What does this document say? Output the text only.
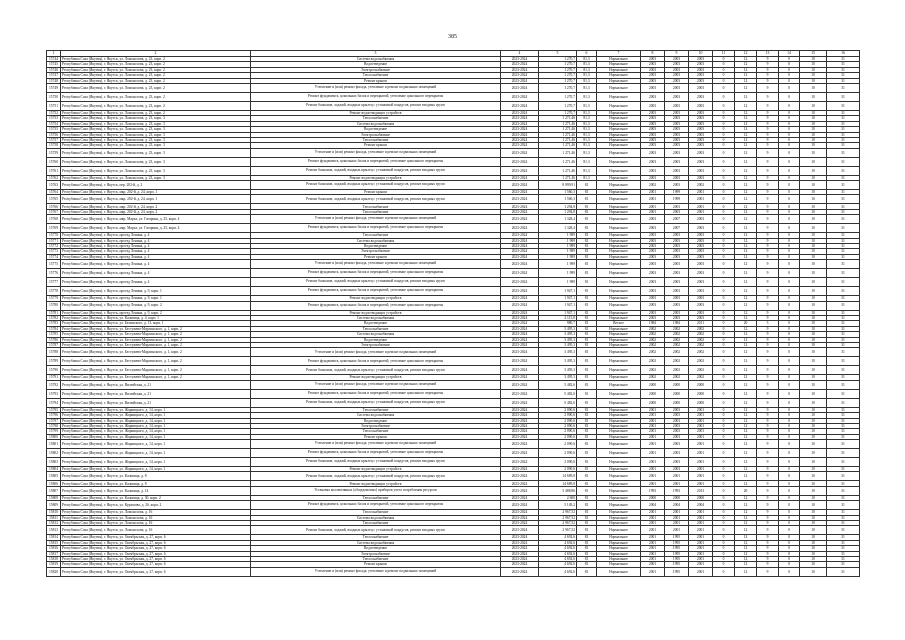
385
1	2	3	4	5	6	7	8	9	10	11	12	13	14	15	16
15744	Республика Саха (Якутия), г. Якутск, ул. Ломоносова, д. 23, корп. 2	Система водоснабжения	2023-2024	1 270,7	81,3	Нормальное	2003	2003	2003	0	12	9	0	10	31
15745	Республика Саха (Якутия), г. Якутск, ул. Ломоносова, д. 23, корп. 2	Водоотведение	2023-2024	1 270,7	81,3	Нормальное	2003	2003	2003	0	12	9	0	10	31
15746	Республика Саха (Якутия), г. Якутск, ул. Ломоносова, д. 23, корп. 2	Электроснабжение	2023-2024	1 270,7	81,3	Нормальное	2003	2003	2003	0	12	9	0	10	31
15747	Республика Саха (Якутия), г. Якутск, ул. Ломоносова, д. 23, корп. 2	Теплоснабжение	2023-2024	1 270,7	81,3	Нормальное	2003	2003	2003	0	12	9	0	10	31
15748	Республика Саха (Якутия), г. Якутск, ул. Ломоносова, д. 23, корп. 2	Ремонт крыши	2023-2024	1 270,7	81,3	Нормальное	2003	2003	2003	0	12	9	0	10	31
15749	Республика Саха (Якутия), г. Якутск, ул. Ломоносова, д. 23, корп. 2	Утепление и (или) ремонт фасада, утепление и ремонт подвальных помещений	2023-2024	1 270,7	81,3	Нормальное	2003	2003	2003	0	12	9	0	10	31
15750	Республика Саха (Якутия), г. Якутск, ул. Ломоносова, д. 23, корп. 2	Ремонт фундамента, цокольных балок и перекрытий, утепление цокольного перекрытия	2023-2024	1 270,7	81,3	Нормальное	2003	2003	2003	0	12	9	0	10	31
15751	Республика Саха (Якутия), г. Якутск, ул. Ломоносова, д. 23, корп. 2	Ремонт балконов, лоджий, входных крылец с установкой пандусов, ремонт входных групп	2023-2024	1 270,7	81,3	Нормальное	2003	2003	2003	0	12	9	0	10	31
15752	Республика Саха (Якутия), г. Якутск, ул. Ломоносова, д. 23, корп. 2	Ремонт водоотводящих устройств	2023-2024	1 270,7	81,3	Нормальное	2003	2003	2003	0	12	9	0	10	31
15753	Республика Саха (Якутия), г. Якутск, ул. Ломоносова, д. 23, корп. 3	Теплоснабжение	2023-2024	1 271,46	81,3	Нормальное	2003	2003	2003	0	12	9	0	10	31
15754	Республика Саха (Якутия), г. Якутск, ул. Ломоносова, д. 23, корп. 3	Система водоснабжения	2023-2024	1 271,46	81,3	Нормальное	2003	2003	2003	0	12	9	0	10	31
15755	Республика Саха (Якутия), г. Якутск, ул. Ломоносова, д. 23, корп. 3	Водоотведение	2023-2024	1 271,46	81,3	Нормальное	2003	2003	2003	0	12	9	0	10	31
15756	Республика Саха (Якутия), г. Якутск, ул. Ломоносова, д. 23, корп. 3	Электроснабжение	2023-2024	1 271,46	81,3	Нормальное	2003	2003	2003	0	12	9	0	10	31
15757	Республика Саха (Якутия), г. Якутск, ул. Ломоносова, д. 23, корп. 3	Теплоснабжение	2023-2024	1 271,46	81,3	Нормальное	2003	2003	2003	0	12	9	0	10	31
15758	Республика Саха (Якутия), г. Якутск, ул. Ломоносова, д. 23, корп. 3	Ремонт крыши	2023-2024	1 271,46	81,3	Нормальное	2003	2003	2003	0	12	9	0	10	31
15759	Республика Саха (Якутия), г. Якутск, ул. Ломоносова, д. 23, корп. 3	Утепление и (или) ремонт фасада, утепление и ремонт подвальных помещений	2023-2024	1 271,46	81,3	Нормальное	2003	2003	2003	0	12	9	0	10	31
15760	Республика Саха (Якутия), г. Якутск, ул. Ломоносова, д. 23, корп. 3	Ремонт фундамента, цокольных балок и перекрытий, утепление цокольного перекрытия	2023-2024	1 271,46	81,3	Нормальное	2003	2003	2003	0	12	9	0	10	31
15761	Республика Саха (Якутия), г. Якутск, ул. Ломоносова, д. 23, корп. 3	Ремонт балконов, лоджий, входных крылец с установкой пандусов, ремонт входных групп	2023-2024	1 271,46	81,3	Нормальное	2003	2003	2003	0	12	9	0	10	31
15762	Республика Саха (Якутия), г. Якутск, ул. Ломоносова, д. 23, корп. 3	Ремонт водоотводящих устройств	2023-2024	1 271,46	81,3	Нормальное	2003	2003	2003	0	12	9	0	10	31
15763	Республика Саха (Якутия), г. Якутск, пер. 202-й, д. 2	Ремонт балконов, лоджий, входных крылец с установкой пандусов, ремонт входных групп	2023-2024	8 999,91	81	Нормальное	2002	2003	2002	0	12	9	0	10	31
15764	Республика Саха (Якутия), г. Якутск, мкр. 202-й, д. 24, корп. 1	Ремонт крыши	2023-2024	1 560,3	81	Нормальное	2001	1999	2001	0	12	9	0	10	31
15765	Республика Саха (Якутия), г. Якутск, мкр. 202-й, д. 24, корп. 1	Ремонт балконов, лоджий, входных крылец с установкой пандусов, ремонт входных групп	2023-2024	1 560,3	81	Нормальное	2001	1999	2001	0	12	9	0	10	31
15766	Республика Саха (Якутия), г. Якутск, мкр. 202-й, д. 24, корп. 2	Теплоснабжение	2023-2024	1 294,8	81	Нормальное	2001	2003	2001	0	12	9	0	10	31
15767	Республика Саха (Якутия), г. Якутск, мкр. 202-й, д. 24, корп. 2	Теплоснабжение	2023-2024	1 294,8	81	Нормальное	2001	2003	2001	0	12	9	0	10	31
15768	Республика Саха (Якутия), г. Якутск, мкр. Марха, ул. Гагарина, д. 25, корп. 4	Утепление и (или) ремонт фасада, утепление и ремонт подвальных помещений	2023-2024	1 328,4	81	Нормальное	2003	2007	2003	0	12	9	0	10	31
15769	Республика Саха (Якутия), г. Якутск, мкр. Марха, ул. Гагарина, д. 25, корп. 4	Ремонт фундамента, цокольных балок и перекрытий, утепление цокольного перекрытия	2023-2024	1 328,4	81	Нормальное	2003	2007	2003	0	12	9	0	10	31
15770	Республика Саха (Якутия), г. Якутск, проезд Ленина, д. 4	Теплоснабжение	2023-2024	1 989	81	Нормальное	2003	2003	2003	0	12	9	0	10	31
15771	Республика Саха (Якутия), г. Якутск, проезд Ленина, д. 4	Система водоснабжения	2023-2024	1 989	81	Нормальное	2003	2003	2003	0	12	9	0	10	31
15772	Республика Саха (Якутия), г. Якутск, проезд Ленина, д. 4	Водоотведение	2023-2024	1 989	81	Нормальное	2003	2003	2003	0	12	9	0	10	31
15773	Республика Саха (Якутия), г. Якутск, проезд Ленина, д. 4	Электроснабжение	2023-2024	1 989	81	Нормальное	2003	2003	2003	0	12	9	0	10	31
15774	Республика Саха (Якутия), г. Якутск, проезд Ленина, д. 4	Ремонт крыши	2023-2024	1 989	81	Нормальное	2003	2003	2003	0	12	9	0	10	31
15775	Республика Саха (Якутия), г. Якутск, проезд Ленина, д. 4	Утепление и (или) ремонт фасада, утепление и ремонт подвальных помещений	2023-2024	1 989	81	Нормальное	2003	2003	2003	0	12	9	0	10	31
15776	Республика Саха (Якутия), г. Якутск, проезд Ленина, д. 4	Ремонт фундамента, цокольных балок и перекрытий, утепление цокольного перекрытия	2023-2024	1 989	81	Нормальное	2003	2003	2003	0	12	9	0	10	31
15777	Республика Саха (Якутия), г. Якутск, проезд Ленина, д. 4	Ремонт балконов, лоджий, входных крылец с установкой пандусов, ремонт входных групп	2023-2024	1 989	81	Нормальное	2003	2003	2003	0	12	9	0	10	31
15778	Республика Саха (Якутия), г. Якутск, проезд Ленина, д. 9, корп. 1	Ремонт фундамента, цокольных балок и перекрытий, утепление цокольного перекрытия	2023-2024	1 947,1	81	Нормальное	2003	2003	2003	0	12	9	0	10	31
15779	Республика Саха (Якутия), г. Якутск, проезд Ленина, д. 9, корп. 1	Ремонт водоотводящих устройств	2023-2024	1 947,1	81	Нормальное	2003	2003	2003	0	12	9	0	10	31
15780	Республика Саха (Якутия), г. Якутск, проезд Ленина, д. 9, корп. 2	Ремонт фундамента, цокольных балок и перекрытий, утепление цокольного перекрытия	2023-2024	1 947,1	81	Нормальное	2003	2003	2003	0	12	9	0	10	31
15781	Республика Саха (Якутия), г. Якутск, проезд Ленина, д. 9, корп. 2	Ремонт водоотводящих устройств	2023-2024	1 947,1	81	Нормальное	2003	2003	2003	0	12	9	0	10	31
15782	Республика Саха (Якутия), г. Якутск, ул. Кальвица, д. 4, корп. 1	Система водоснабжения	2023-2024	2 115,8	81	Нормальное	2003	2003	2003	0	12	9	0	10	31
15783	Республика Саха (Якутия), г. Якутск, ул. Белинского, д. 13, корп. 1	Водоотведение	2023-2024	980,7	81	Ветхое	1984	1984	2011	0	20	3	0	10	31
15784	Республика Саха (Якутия), г. Якутск, ул. Бестужева-Марлинского, д. 1, корп. 2	Теплоснабжение	2023-2024	3 495,3	81	Нормальное	2002	2002	2002	0	12	9	0	10	31
15785	Республика Саха (Якутия), г. Якутск, ул. Бестужева-Марлинского, д. 1, корп. 2	Система водоснабжения	2023-2024	3 495,3	81	Нормальное	2002	2002	2002	0	12	9	0	10	31
15786	Республика Саха (Якутия), г. Якутск, ул. Бестужева-Марлинского, д. 1, корп. 2	Водоотведение	2023-2024	3 495,3	81	Нормальное	2002	2002	2002	0	12	9	0	10	31
15787	Республика Саха (Якутия), г. Якутск, ул. Бестужева-Марлинского, д. 1, корп. 2	Электроснабжение	2023-2024	3 495,3	81	Нормальное	2002	2002	2002	0	12	9	0	10	31
15788	Республика Саха (Якутия), г. Якутск, ул. Бестужева-Марлинского, д. 1, корп. 2	Утепление и (или) ремонт фасада, утепление и ремонт подвальных помещений	2023-2024	3 495,3	81	Нормальное	2002	2002	2002	0	12	9	0	10	31
15789	Республика Саха (Якутия), г. Якутск, ул. Бестужева-Марлинского, д. 1, корп. 2	Ремонт фундамента, цокольных балок и перекрытий, утепление цокольного перекрытия	2023-2024	3 495,3	81	Нормальное	2002	2002	2002	0	12	9	0	10	31
15790	Республика Саха (Якутия), г. Якутск, ул. Бестужева-Марлинского, д. 1, корп. 2	Ремонт балконов, лоджий, входных крылец с установкой пандусов, ремонт входных групп	2023-2024	3 495,3	81	Нормальное	2002	2002	2002	0	12	9	0	10	31
15791	Республика Саха (Якутия), г. Якутск, ул. Бестужева-Марлинского, д. 1, корп. 2	Ремонт водоотводящих устройств	2023-2024	3 495,3	81	Нормальное	2002	2002	2002	0	12	9	0	10	31
15792	Республика Саха (Якутия), г. Якутск, ул. Вилюйская, д. 21	Утепление и (или) ремонт фасада, утепление и ремонт подвальных помещений	2023-2024	5 482,6	81	Нормальное	2000	2000	2000	0	12	9	0	10	31
15793	Республика Саха (Якутия), г. Якутск, ул. Вилюйская, д. 21	Ремонт фундамента, цокольных балок и перекрытий, утепление цокольного перекрытия	2023-2024	5 482,6	81	Нормальное	2000	2000	2000	0	12	9	0	10	31
15794	Республика Саха (Якутия), г. Якутск, ул. Вилюйская, д. 21	Ремонт балконов, лоджий, входных крылец с установкой пандусов, ремонт входных групп	2023-2024	5 482,6	81	Нормальное	2000	2000	2000	0	12	9	0	10	31
15795	Республика Саха (Якутия), г. Якутск, ул. Жорницкого, д. 14, корп. 1	Теплоснабжение	2023-2024	2 090,6	81	Нормальное	2001	2003	2001	0	12	9	0	10	31
15796	Республика Саха (Якутия), г. Якутск, ул. Жорницкого, д. 14, корп. 1	Система водоснабжения	2023-2024	2 090,6	81	Нормальное	2001	2003	2001	0	12	9	0	10	31
15797	Республика Саха (Якутия), г. Якутск, ул. Жорницкого, д. 14, корп. 1	Водоотведение	2023-2024	2 090,6	81	Нормальное	2001	2003	2001	0	12	9	0	10	31
15798	Республика Саха (Якутия), г. Якутск, ул. Жорницкого, д. 14, корп. 1	Электроснабжение	2023-2024	2 090,6	81	Нормальное	2001	2003	2001	0	12	9	0	10	31
15799	Республика Саха (Якутия), г. Якутск, ул. Жорницкого, д. 14, корп. 1	Теплоснабжение	2023-2024	2 090,6	81	Нормальное	2001	2003	2001	0	12	9	0	10	31
15800	Республика Саха (Якутия), г. Якутск, ул. Жорницкого, д. 14, корп. 1	Ремонт крыши	2023-2024	2 090,6	81	Нормальное	2001	2003	2001	0	12	9	0	10	31
15801	Республика Саха (Якутия), г. Якутск, ул. Жорницкого, д. 14, корп. 1	Утепление и (или) ремонт фасада, утепление и ремонт подвальных помещений	2023-2024	2 090,6	81	Нормальное	2001	2003	2001	0	12	9	0	10	31
15802	Республика Саха (Якутия), г. Якутск, ул. Жорницкого, д. 14, корп. 1	Ремонт фундамента, цокольных балок и перекрытий, утепление цокольного перекрытия	2023-2024	2 090,6	81	Нормальное	2001	2003	2001	0	12	9	0	10	31
15803	Республика Саха (Якутия), г. Якутск, ул. Жорницкого, д. 14, корп. 1	Ремонт балконов, лоджий, входных крылец с установкой пандусов, ремонт входных групп	2023-2024	2 090,6	81	Нормальное	2001	2003	2001	0	12	9	0	10	31
15804	Республика Саха (Якутия), г. Якутск, ул. Жорницкого, д. 14, корп. 1	Ремонт водоотводящих устройств	2023-2024	2 090,6	81	Нормальное	2001	2003	2001	0	12	9	0	10	31
15805	Республика Саха (Якутия), г. Якутск, ул. Кальвица, д. 8	Ремонт балконов, лоджий, входных крылец с установкой пандусов, ремонт входных групп	2023-2024	14 689,8	81	Нормальное	2001	2001	2001	0	12	9	0	10	31
15806	Республика Саха (Якутия), г. Якутск, ул. Кальвица, д. 8	Ремонт водоотводящих устройств	2023-2024	14 689,8	81	Нормальное	2001	2001	2001	0	12	9	0	10	31
15807	Республика Саха (Якутия), г. Якутск, ул. Кальвица, д. 14	Установка коллективных (общедомовых) приборов учета потребления ресурсов	2023-2024	5 488,86	81	Нормальное	1993	1993	2013	0	20	9	0	10	31
15808	Республика Саха (Якутия), г. Якутск, ул. Кальвица, д. 30, корп. 2	Теплоснабжение	2023-2024	2 600	81	Нормальное	2000	2000	2000	0	12	9	0	10	31
15809	Республика Саха (Якутия), г. Якутск, ул. Курашова, д. 26, корп. 2	Ремонт фундамента, цокольных балок и перекрытий, утепление цокольного перекрытия	2023-2024	5 149,2	81	Нормальное	2004	2004	2004	0	12	9	0	10	31
15810	Республика Саха (Якутия), г. Якутск, ул. Ломоносова, д. 16	Теплоснабжение	2023-2024	2 967,52	81	Нормальное	2001	2001	2001	0	12	9	0	10	31
15811	Республика Саха (Якутия), г. Якутск, ул. Ломоносова, д. 16	Система водоснабжения	2023-2024	2 967,52	81	Нормальное	2001	2001	2001	0	12	9	0	10	31
15812	Республика Саха (Якутия), г. Якутск, ул. Ломоносова, д. 16	Теплоснабжение	2023-2024	2 967,52	81	Нормальное	2001	2001	2001	0	12	9	0	10	31
15813	Республика Саха (Якутия), г. Якутск, ул. Ломоносова, д. 16	Ремонт балконов, лоджий, входных крылец с установкой пандусов, ремонт входных групп	2023-2024	2 967,52	81	Нормальное	2001	2001	2001	0	12	9	0	10	31
15814	Республика Саха (Якутия), г. Якутск, ул. Октябрьская, д. 27, корп. 6	Теплоснабжение	2023-2024	4 692,6	81	Нормальное	2001	1995	2001	0	12	9	0	10	31
15815	Республика Саха (Якутия), г. Якутск, ул. Октябрьская, д. 27, корп. 6	Система водоснабжения	2023-2024	4 692,6	81	Нормальное	2001	1995	2001	0	12	9	0	10	31
15816	Республика Саха (Якутия), г. Якутск, ул. Октябрьская, д. 27, корп. 6	Водоотведение	2023-2024	4 692,6	81	Нормальное	2001	1995	2001	0	12	9	0	10	31
15817	Республика Саха (Якутия), г. Якутск, ул. Октябрьская, д. 27, корп. 6	Электроснабжение	2023-2024	4 692,6	81	Нормальное	2001	1995	2001	0	12	9	0	10	31
15818	Республика Саха (Якутия), г. Якутск, ул. Октябрьская, д. 27, корп. 6	Теплоснабжение	2023-2024	4 692,6	81	Нормальное	2001	1995	2001	0	12	9	0	10	31
15819	Республика Саха (Якутия), г. Якутск, ул. Октябрьская, д. 27, корп. 6	Ремонт крыши	2023-2024	4 692,6	81	Нормальное	2001	1995	2001	0	12	9	0	10	31
15820	Республика Саха (Якутия), г. Якутск, ул. Октябрьская, д. 27, корп. 6	Утепление и (или) ремонт фасада, утепление и ремонт подвальных помещений	2023-2024	4 692,6	81	Нормальное	2001	1995	2001	0	12	9	0	10	31
